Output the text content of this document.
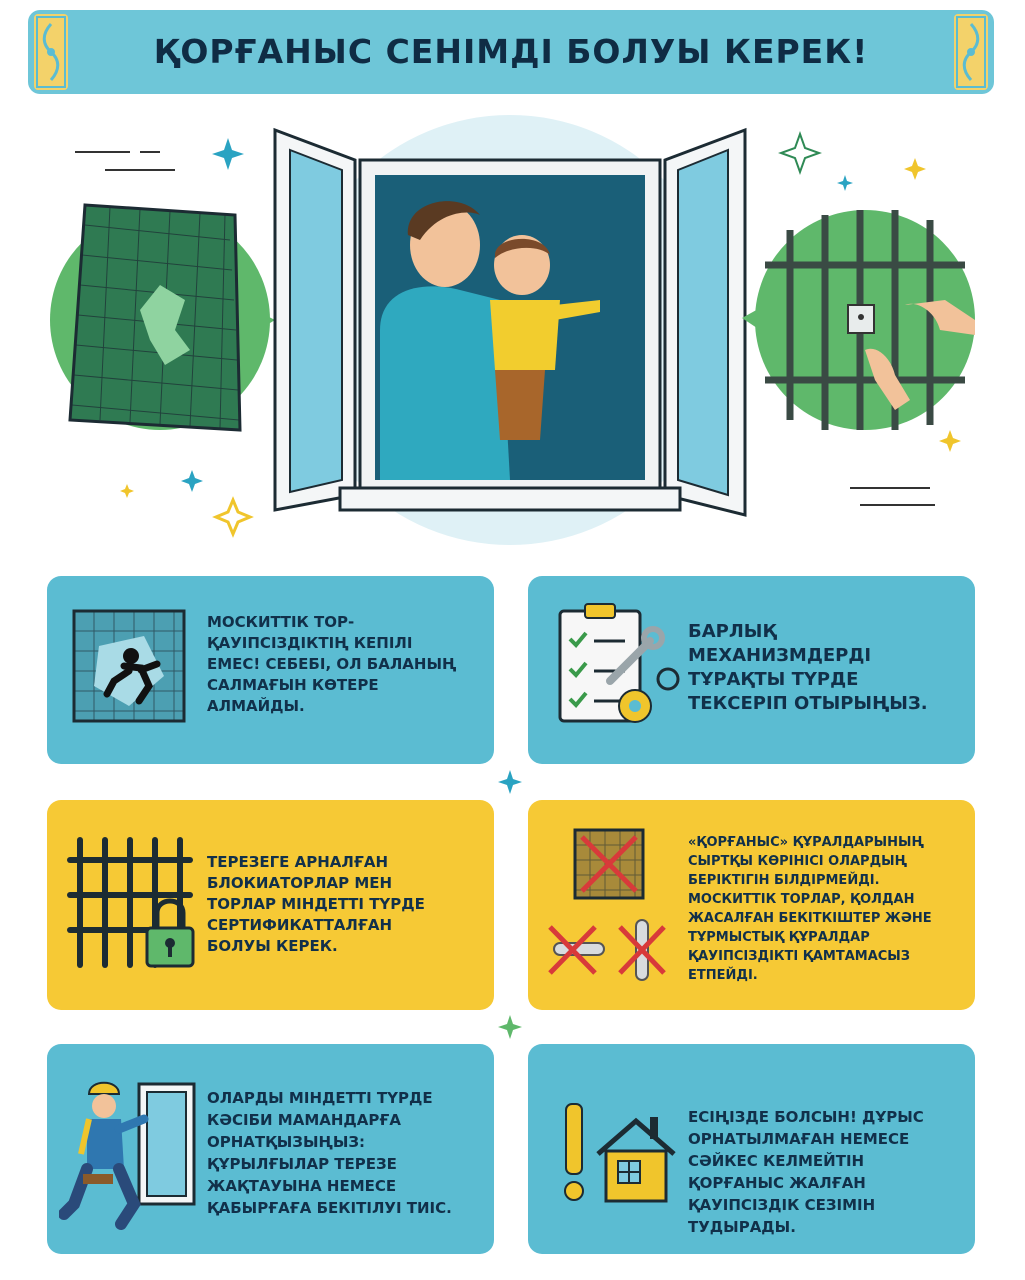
ҚОРҒАНЫС СЕНІМДІ БОЛУЫ КЕРЕК!
МОСКИТТІК ТОР-ҚАУІПСІЗДІКТІҢ КЕПІЛІ ЕМЕС! СЕБЕБІ, ОЛ БАЛАНЫҢ САЛМАҒЫН КӨТЕРЕ АЛМАЙДЫ.
БАРЛЫҚ МЕХАНИЗМДЕРДІ ТҰРАҚТЫ ТҮРДЕ ТЕКСЕРІП ОТЫРЫҢЫЗ.
ТЕРЕЗЕГЕ АРНАЛҒАН БЛОКИАТОРЛАР МЕН ТОРЛАР МІНДЕТТІ ТҮРДЕ СЕРТИФИКАТТАЛҒАН БОЛУЫ КЕРЕК.
«ҚОРҒАНЫС» ҚҰРАЛДАРЫНЫҢ СЫРТҚЫ КӨРІНІСІ ОЛАРДЫҢ БЕРІКТІГІН БІЛДІРМЕЙДІ. МОСКИТТІК ТОРЛАР, ҚОЛДАН ЖАСАЛҒАН БЕКІТКІШТЕР ЖӘНЕ ТҰРМЫСТЫҚ ҚҰРАЛДАР ҚАУІПСІЗДІКТІ ҚАМТАМАСЫЗ ЕТПЕЙДІ.
ОЛАРДЫ МІНДЕТТІ ТҮРДЕ КӘСІБИ МАМАНДАРҒА ОРНАТҚЫЗЫҢЫЗ: ҚҰРЫЛҒЫЛАР ТЕРЕЗЕ ЖАҚТАУЫНА НЕМЕСЕ ҚАБЫРҒАҒА БЕКІТІЛУІ ТИІС.
ЕСІҢІЗДЕ БОЛСЫН! ДҰРЫС ОРНАТЫЛМАҒАН НЕМЕСЕ СӘЙКЕС КЕЛМЕЙТІН ҚОРҒАНЫС ЖАЛҒАН ҚАУІПСІЗДІК СЕЗІМІН ТУДЫРАДЫ.
